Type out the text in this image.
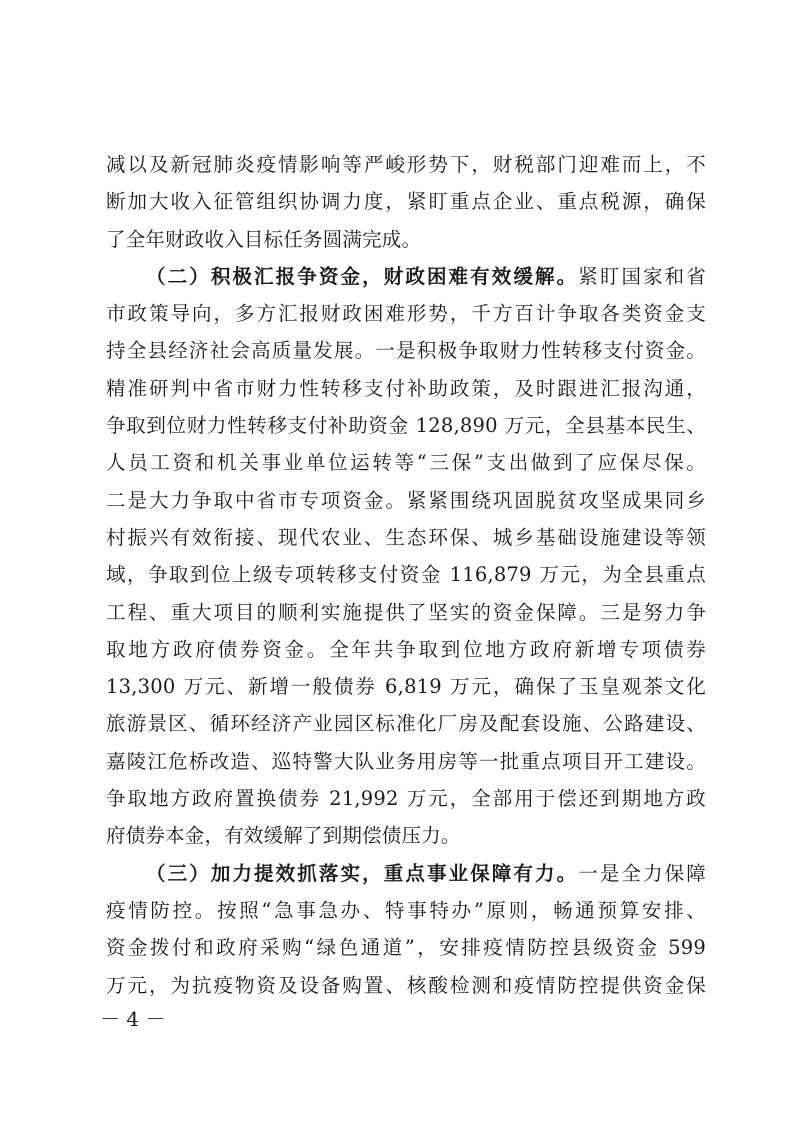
减以及新冠肺炎疫情影响等严峻形势下，财税部门迎难而上，不
断加大收入征管组织协调力度，紧盯重点企业、重点税源，确保
了全年财政收入目标任务圆满完成。
（二）积极汇报争资金，财政困难有效缓解。紧盯国家和省
市政策导向，多方汇报财政困难形势，千方百计争取各类资金支
持全县经济社会高质量发展。一是积极争取财力性转移支付资金。
精准研判中省市财力性转移支付补助政策，及时跟进汇报沟通，
争取到位财力性转移支付补助资金 128,890 万元，全县基本民生、
人员工资和机关事业单位运转等“三保”支出做到了应保尽保。
二是大力争取中省市专项资金。紧紧围绕巩固脱贫攻坚成果同乡
村振兴有效衔接、现代农业、生态环保、城乡基础设施建设等领
域，争取到位上级专项转移支付资金 116,879 万元，为全县重点
工程、重大项目的顺利实施提供了坚实的资金保障。三是努力争
取地方政府债券资金。全年共争取到位地方政府新增专项债券
13,300 万元、新增一般债券 6,819 万元，确保了玉皇观茶文化
旅游景区、循环经济产业园区标准化厂房及配套设施、公路建设、
嘉陵江危桥改造、巡特警大队业务用房等一批重点项目开工建设。
争取地方政府置换债券 21,992 万元，全部用于偿还到期地方政
府债券本金，有效缓解了到期偿债压力。
（三）加力提效抓落实，重点事业保障有力。一是全力保障
疫情防控。按照“急事急办、特事特办”原则，畅通预算安排、
资金拨付和政府采购“绿色通道”，安排疫情防控县级资金 599
万元，为抗疫物资及设备购置、核酸检测和疫情防控提供资金保
－ 4 －
